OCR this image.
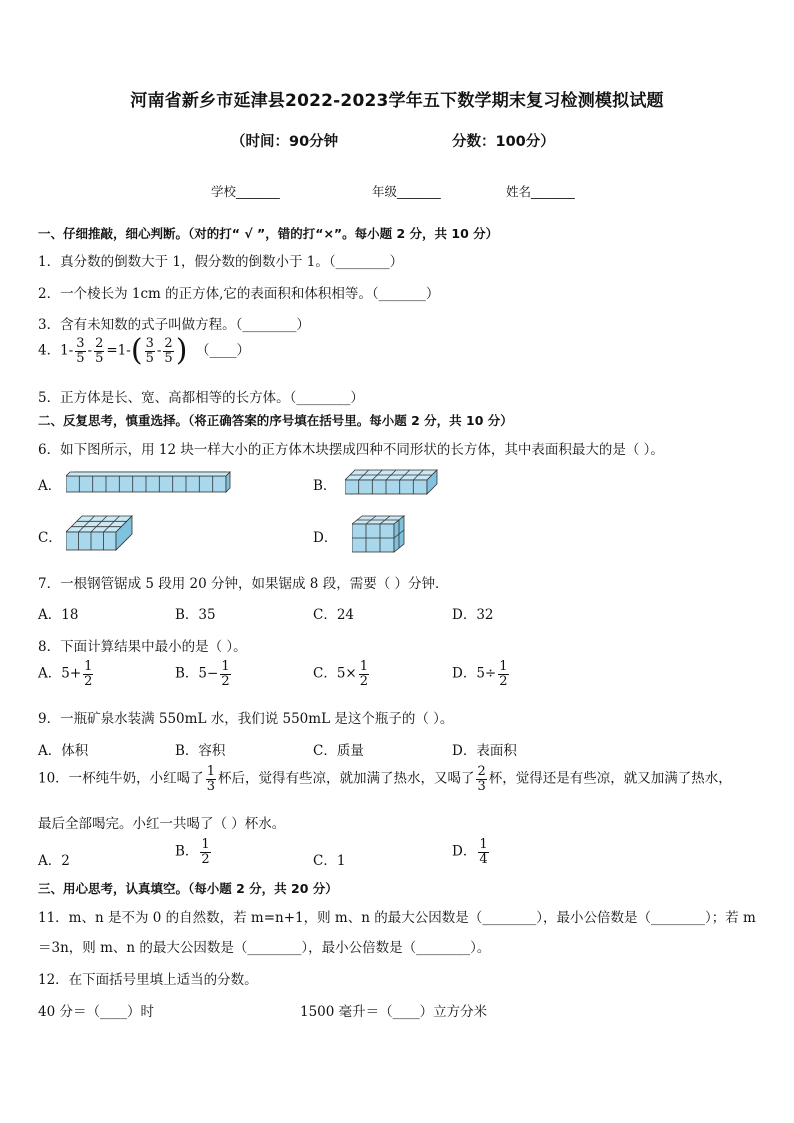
河南省新乡市延津县2022-2023学年五下数学期末复习检测模拟试题
（时间：90分钟	分数：100分）
学校_______	年级_______	姓名_______
一、仔细推敲，细心判断。（对的打“ √ ”，错的打“×”。每小题 2 分，共 10 分）
1．真分数的倒数大于 1，假分数的倒数小于 1。（________）
2．一个棱长为 1cm 的正方体,它的表面积和体积相等。（_______）
3．含有未知数的式子叫做方程。（________）
4．$1- \frac{3}{5} - \frac{2}{5} =1-( \frac{3}{5} - \frac{2}{5}$ ) （____）
5．正方体是长、宽、高都相等的长方体。（________）
二、反复思考，慎重选择。（将正确答案的序号填在括号里。每小题 2 分，共 10 分）
6．如下图所示，用 12 块一样大小的正方体木块摆成四种不同形状的长方体，其中表面积最大的是（ ）。
A．	B．
C．	D．
7．一根钢管锯成 5 段用 20 分钟，如果锯成 8 段，需要（ ）分钟．
A．18	B．35	C．24	D．32
8．下面计算结果中最小的是（ ）。
A．$5+ \frac{1}{2}$	B．$5- \frac{1}{2}$	C．$5\times \frac{1}{2}$	D．$5\div \frac{1}{2}$
9．一瓶矿泉水装满 550mL 水，我们说 550mL 是这个瓶子的（ ）。
A．体积	B．容积	C．质量	D．表面积
10．一杯纯牛奶，小红喝了 $\frac{1}{3}$ 杯后，觉得有些凉，就加满了热水，又喝了 $\frac{2}{3}$ 杯，觉得还是有些凉，就又加满了热水，
最后全部喝完。小红一共喝了（ ）杯水。
A．2
B． $\frac{1}{2}$	C．1
D． $\frac{1}{4}$
三、用心思考，认真填空。（每小题 2 分，共 20 分）
11．m、n 是不为 0 的自然数，若 m=n+1，则 m、n 的最大公因数是（________），最小公倍数是（________）；若 m
＝3n，则 m、n 的最大公因数是（________），最小公倍数是（________）。
12．在下面括号里填上适当的分数。
40 分＝（____）时	1500 毫升＝（____）立方分米
